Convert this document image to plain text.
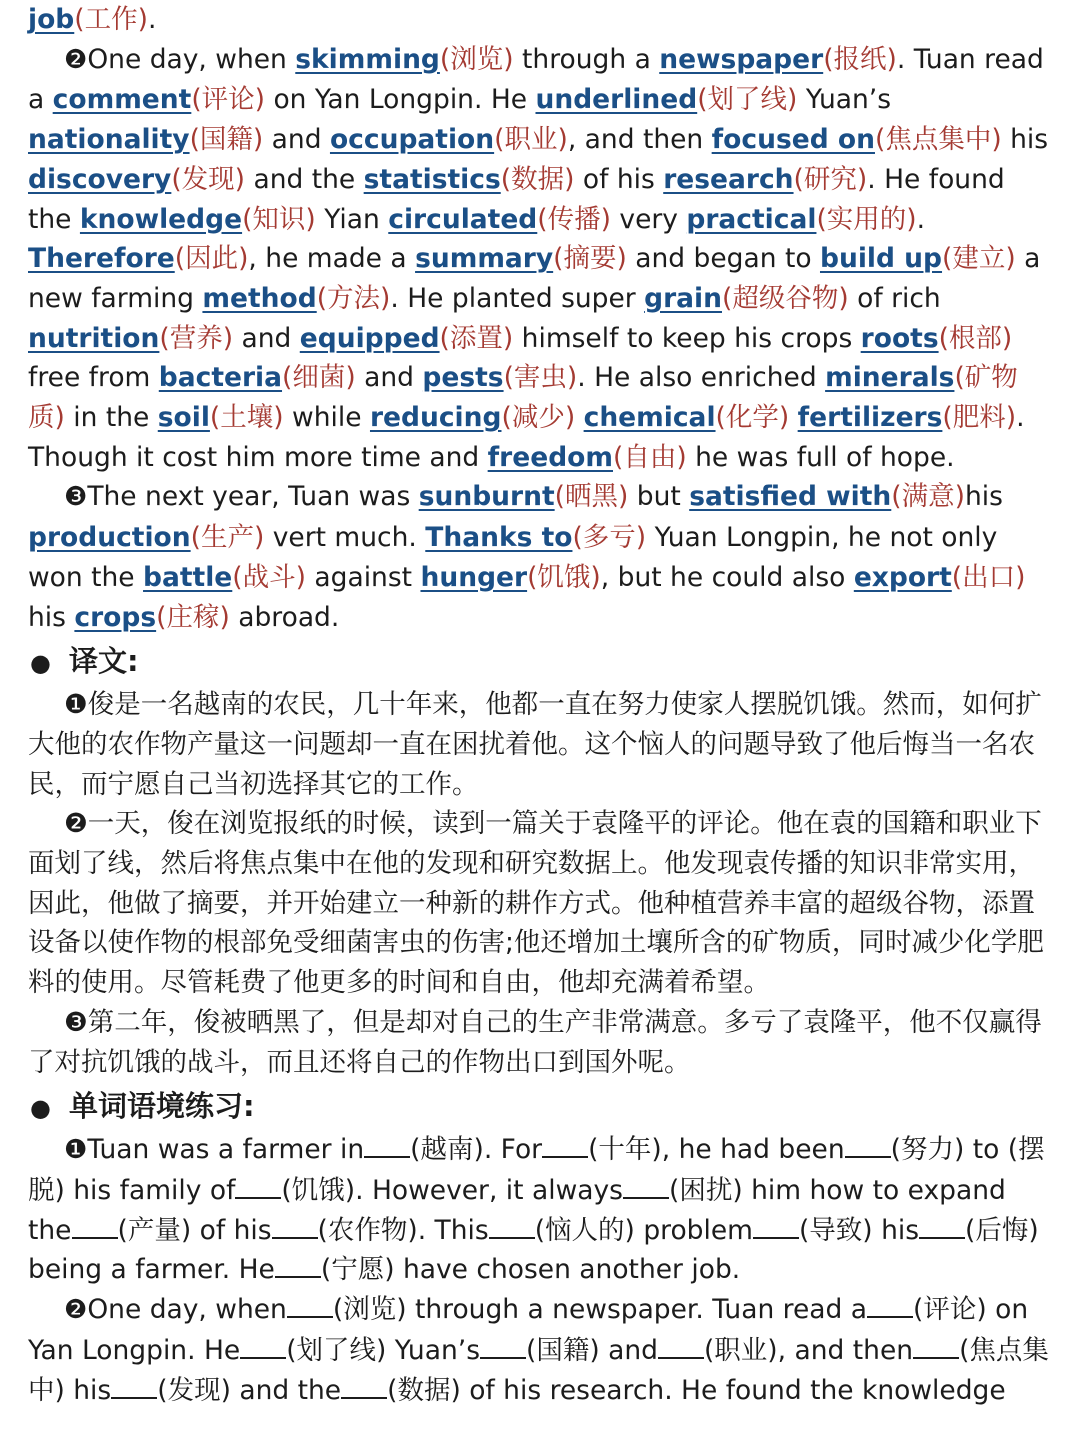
job(工作).

❷One day, when skimming(浏览) through a newspaper(报纸). Tuan read a comment(评论) on Yan Longpin. He underlined(划了线) Yuan’s nationality(国籍) and occupation(职业), and then focused on(焦点集中) his discovery(发现) and the statistics(数据) of his research(研究). He found the knowledge(知识) Yian circulated(传播) very practical(实用的). Therefore(因此), he made a summary(摘要) and began to build up(建立) a new farming method(方法). He planted super grain(超级谷物) of rich nutrition(营养) and equipped(添置) himself to keep his crops roots(根部) free from bacteria(细菌) and pests(害虫). He also enriched minerals(矿物质) in the soil(土壤) while reducing(减少) chemical(化学) fertilizers(肥料). Though it cost him more time and freedom(自由) he was full of hope.

❸The next year, Tuan was sunburnt(晒黑) but satisfied with(满意)his production(生产) vert much. Thanks to(多亏) Yuan Longpin, he not only won the battle(战斗) against hunger(饥饿), but he could also export(出口) his crops(庄稼) abroad.

● 译文:

❶俊是一名越南的农民，几十年来，他都一直在努力使家人摆脱饥饿。然而，如何扩大他的农作物产量这一问题却一直在困扰着他。这个恼人的问题导致了他后悔当一名农民，而宁愿自己当初选择其它的工作。

❷一天，俊在浏览报纸的时候，读到一篇关于袁隆平的评论。他在袁的国籍和职业下面划了线，然后将焦点集中在他的发现和研究数据上。他发现袁传播的知识非常实用，因此，他做了摘要，并开始建立一种新的耕作方式。他种植营养丰富的超级谷物，添置设备以使作物的根部免受细菌害虫的伤害;他还增加土壤所含的矿物质，同时减少化学肥料的使用。尽管耗费了他更多的时间和自由，他却充满着希望。

❸第二年，俊被晒黑了，但是却对自己的生产非常满意。多亏了袁隆平，他不仅赢得了对抗饥饿的战斗，而且还将自己的作物出口到国外呢。

● 单词语境练习:

❶Tuan was a farmer in (越南). For (十年), he had been (努力) to (摆脱) his family of (饥饿). However, it always (困扰) him how to expand the (产量) of his (农作物). This (恼人的) problem (导致) his (后悔) being a farmer. He (宁愿) have chosen another job.

❷One day, when (浏览) through a newspaper. Tuan read a (评论) on Yan Longpin. He (划了线) Yuan’s (国籍) and (职业), and then (焦点集中) his (发现) and the (数据) of his research. He found the knowledge
